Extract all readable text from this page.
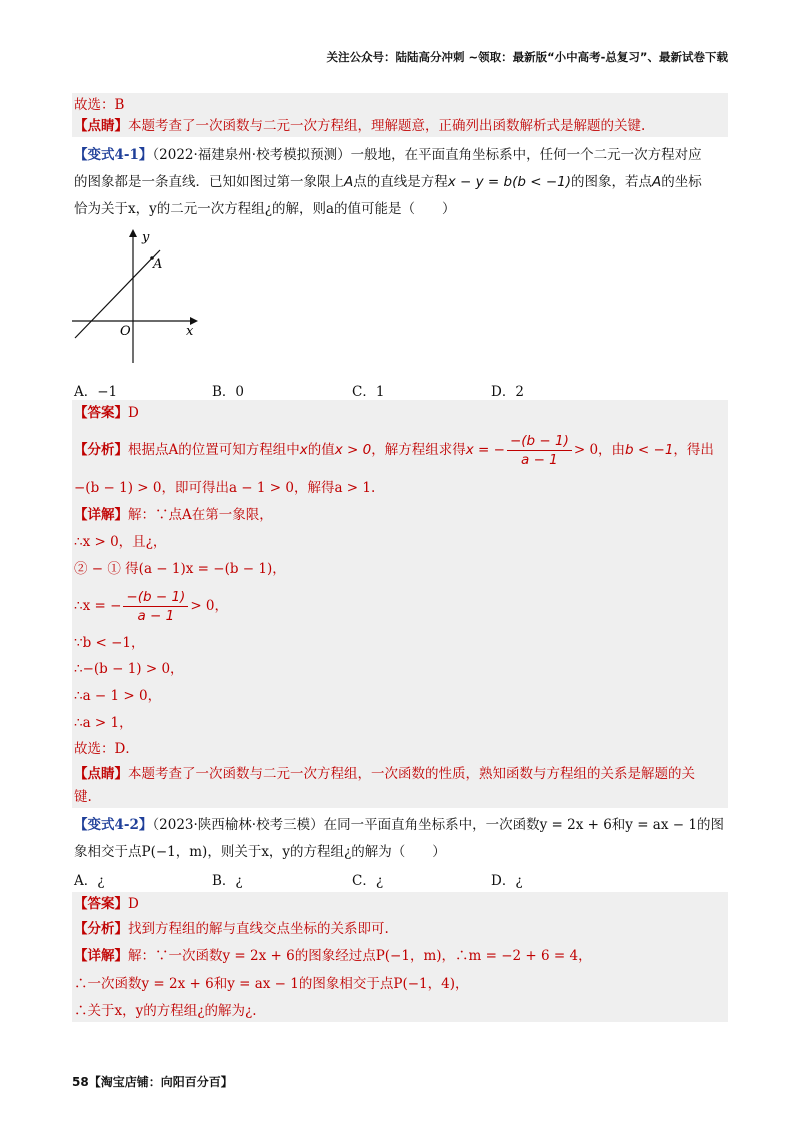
关注公众号：陆陆高分冲刺 ~领取：最新版“小中高考-总复习”、最新试卷下载
故选：B
【点睛】本题考查了一次函数与二元一次方程组，理解题意，正确列出函数解析式是解题的关键.
【变式4-1】（2022·福建泉州·校考模拟预测）一般地，在平面直角坐标系中，任何一个二元一次方程对应
的图象都是一条直线．已知如图过第一象限上A点的直线是方程x − y = b(b < −1)的图象，若点A的坐标
恰为关于x，y的二元一次方程组¿的解，则a的值可能是（　　）
y
x
O
A
A．−1	B．0	C．1	D．2
【答案】D
【分析】根据点A的位置可知方程组中x的值x > 0，解方程组求得x = − $\frac{-(b - 1)}{a - 1} > 0$，由b < −1，得出
−(b − 1) > 0，即可得出a − 1 > 0，解得a > 1.
【详解】解：∵点A在第一象限，
∴x > 0，且¿，
② − ① 得(a − 1)x = −(b − 1)，
∴x = − $\frac{-(b - 1)}{a - 1} > 0$，
∵b < −1，
∴−(b − 1) > 0，
∴a − 1 > 0，
∴a > 1，
故选：D．
【点睛】本题考查了一次函数与二元一次方程组，一次函数的性质，熟知函数与方程组的关系是解题的关
键.
【变式4-2】（2023·陕西榆林·校考三模）在同一平面直角坐标系中，一次函数y = 2x + 6和y = ax − 1的图
象相交于点P(−1，m)，则关于x，y的方程组¿的解为（　　）
A．¿	B．¿	C．¿	D．¿
【答案】D
【分析】找到方程组的解与直线交点坐标的关系即可.
【详解】解：∵一次函数y = 2x + 6的图象经过点P(−1，m)，∴m = −2 + 6 = 4，
∴一次函数y = 2x + 6和y = ax − 1的图象相交于点P(−1，4)，
∴关于x，y的方程组¿的解为¿.
58【淘宝店铺：向阳百分百】
